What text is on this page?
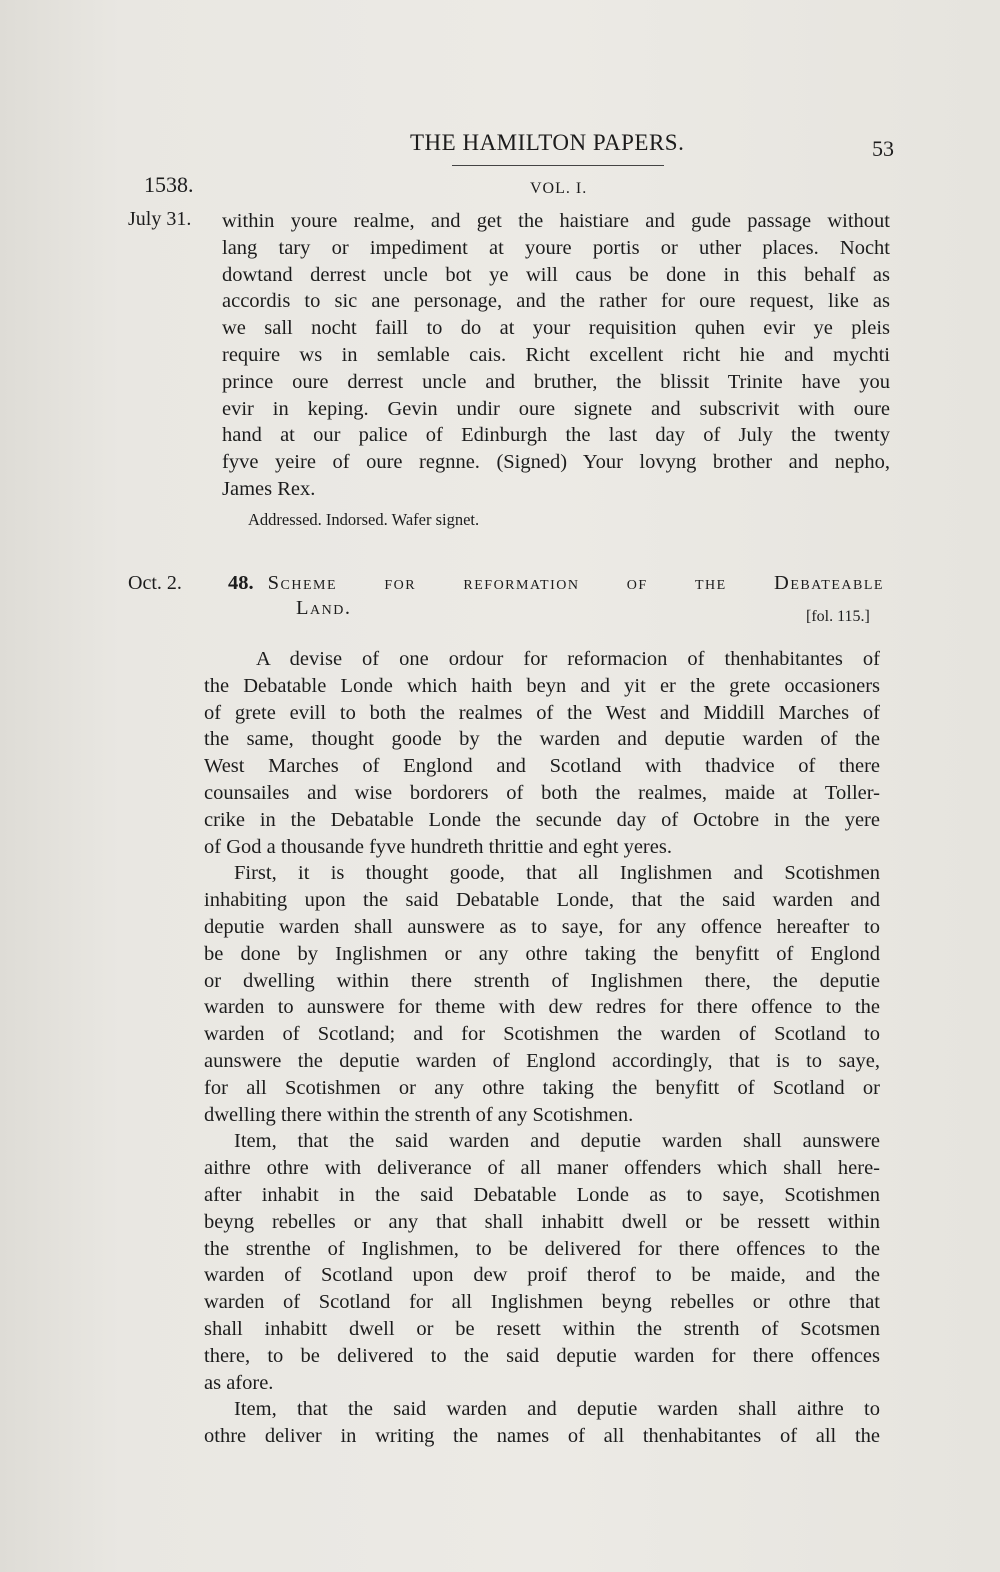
THE HAMILTON PAPERS.	53
1538.	VOL. I.
July 31. within youre realme, and get the haistiare and gude passage without
lang tary or impediment at youre portis or uther places. Nocht
dowtand derrest uncle bot ye will caus be done in this behalf as
accordis to sic ane personage, and the rather for oure request, like as
we sall nocht faill to do at your requisition quhen evir ye pleis
require ws in semlable cais. Richt excellent richt hie and mychti
prince oure derrest uncle and bruther, the blissit Trinite have you
evir in keping. Gevin undir oure signete and subscrivit with oure
hand at our palice of Edinburgh the last day of July the twenty
fyve yeire of oure regnne. (Signed) Your lovyng brother and nepho,
James Rex.
Addressed. Indorsed. Wafer signet.
Oct. 2. 48. Scheme for reformation of the Debateable
Land.	[fol. 115.]
A devise of one ordour for reformacion of thenhabitantes of
the Debatable Londe which haith beyn and yit er the grete occasioners
of grete evill to both the realmes of the West and Middill Marches of
the same, thought goode by the warden and deputie warden of the
West Marches of Englond and Scotland with thadvice of there
counsailes and wise bordorers of both the realmes, maide at Toller-
crike in the Debatable Londe the secunde day of Octobre in the yere
of God a thousande fyve hundreth thrittie and eght yeres.
First, it is thought goode, that all Inglishmen and Scotishmen
inhabiting upon the said Debatable Londe, that the said warden and
deputie warden shall aunswere as to saye, for any offence hereafter to
be done by Inglishmen or any othre taking the benyfitt of Englond
or dwelling within there strenth of Inglishmen there, the deputie
warden to aunswere for theme with dew redres for there offence to the
warden of Scotland; and for Scotishmen the warden of Scotland to
aunswere the deputie warden of Englond accordingly, that is to saye,
for all Scotishmen or any othre taking the benyfitt of Scotland or
dwelling there within the strenth of any Scotishmen.
Item, that the said warden and deputie warden shall aunswere
aithre othre with deliverance of all maner offenders which shall here-
after inhabit in the said Debatable Londe as to saye, Scotishmen
beyng rebelles or any that shall inhabitt dwell or be ressett within
the strenthe of Inglishmen, to be delivered for there offences to the
warden of Scotland upon dew proif therof to be maide, and the
warden of Scotland for all Inglishmen beyng rebelles or othre that
shall inhabitt dwell or be resett within the strenth of Scotsmen
there, to be delivered to the said deputie warden for there offences
as afore.
Item, that the said warden and deputie warden shall aithre to
othre deliver in writing the names of all thenhabitantes of all the
